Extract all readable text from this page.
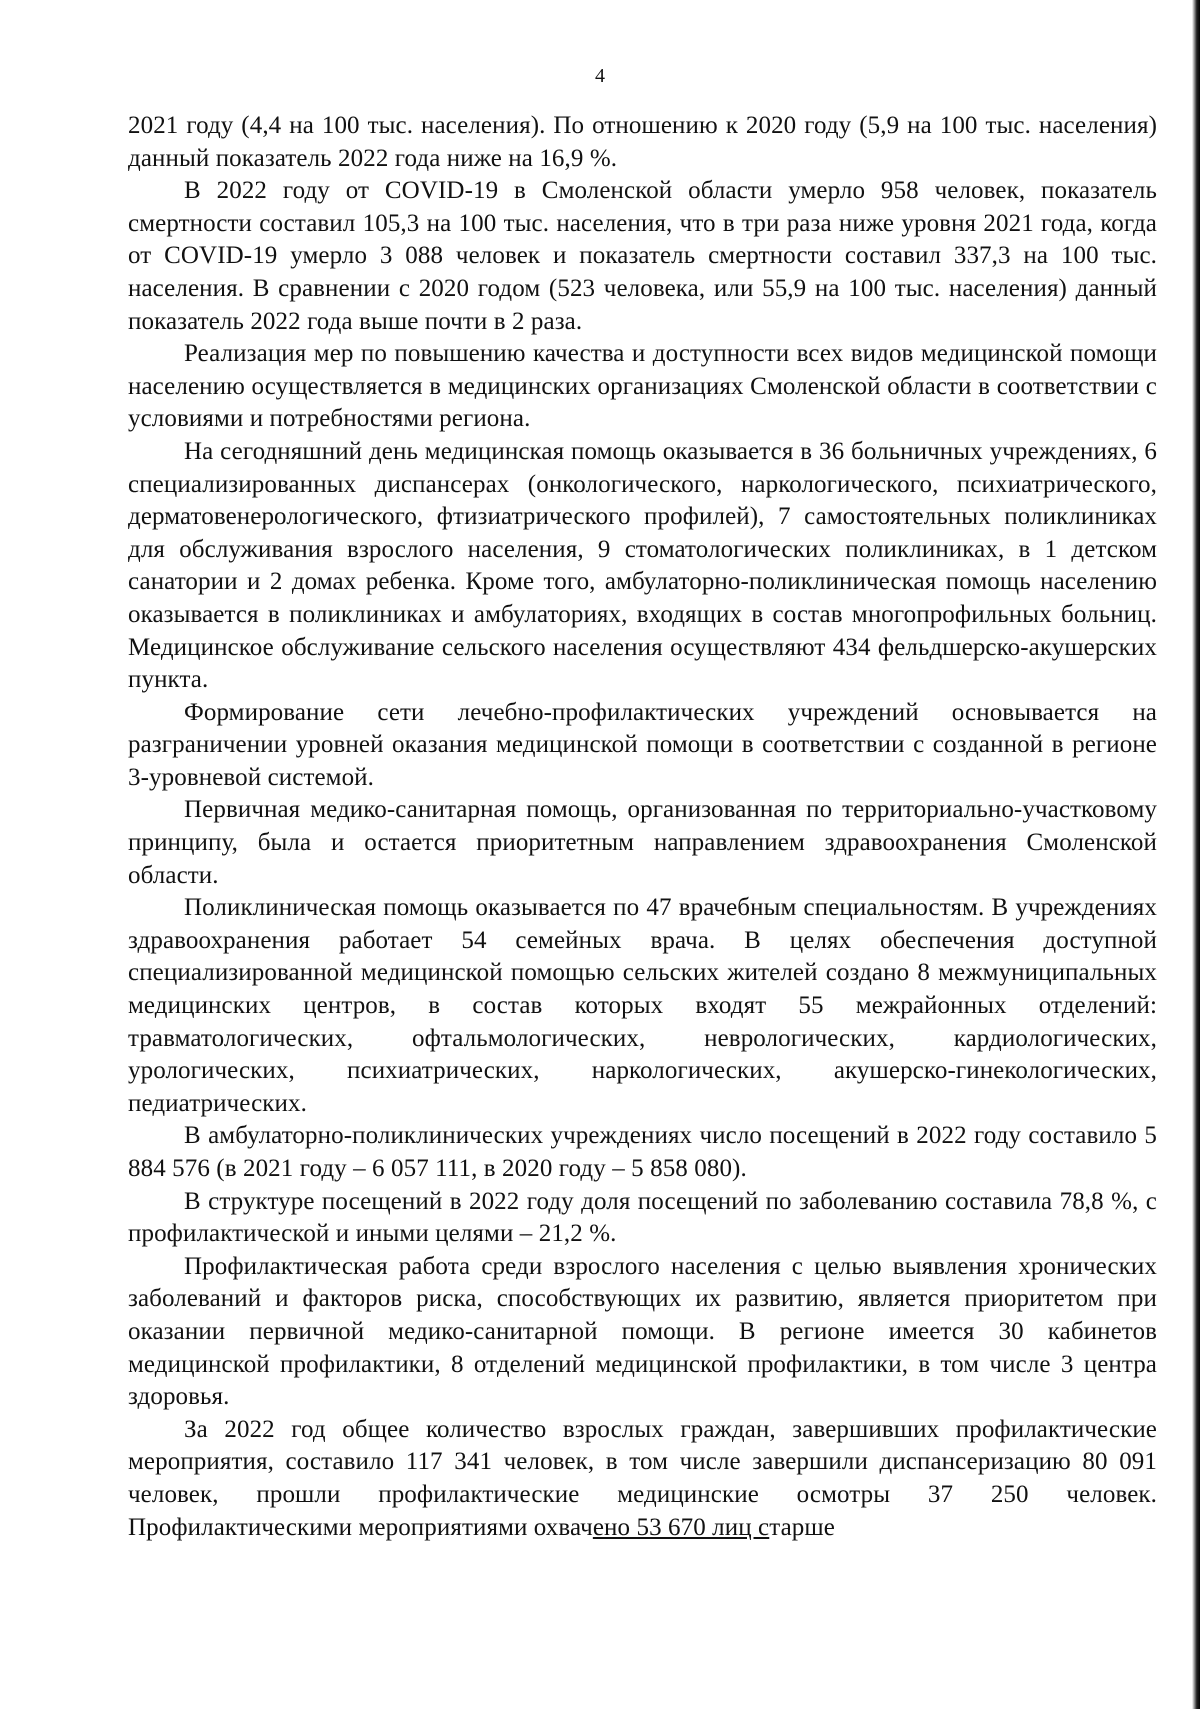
4

2021 году (4,4 на 100 тыс. населения). По отношению к 2020 году (5,9 на 100 тыс. населения) данный показатель 2022 года ниже на 16,9 %.

В 2022 году от COVID-19 в Смоленской области умерло 958 человек, показатель смертности составил 105,3 на 100 тыс. населения, что в три раза ниже уровня 2021 года, когда от COVID-19 умерло 3 088 человек и показатель смертности составил 337,3 на 100 тыс. населения. В сравнении с 2020 годом (523 человека, или 55,9 на 100 тыс. населения) данный показатель 2022 года выше почти в 2 раза.

Реализация мер по повышению качества и доступности всех видов медицинской помощи населению осуществляется в медицинских организациях Смоленской области в соответствии с условиями и потребностями региона.

На сегодняшний день медицинская помощь оказывается в 36 больничных учреждениях, 6 специализированных диспансерах (онкологического, наркологического, психиатрического, дерматовенерологического, фтизиатрического профилей), 7 самостоятельных поликлиниках для обслуживания взрослого населения, 9 стоматологических поликлиниках, в 1 детском санатории и 2 домах ребенка. Кроме того, амбулаторно-поликлиническая помощь населению оказывается в поликлиниках и амбулаториях, входящих в состав многопрофильных больниц. Медицинское обслуживание сельского населения осуществляют 434 фельдшерско-акушерских пункта.

Формирование сети лечебно-профилактических учреждений основывается на разграничении уровней оказания медицинской помощи в соответствии с созданной в регионе 3-уровневой системой.

Первичная медико-санитарная помощь, организованная по территориально-участковому принципу, была и остается приоритетным направлением здравоохранения Смоленской области.

Поликлиническая помощь оказывается по 47 врачебным специальностям. В учреждениях здравоохранения работает 54 семейных врача. В целях обеспечения доступной специализированной медицинской помощью сельских жителей создано 8 межмуниципальных медицинских центров, в состав которых входят 55 межрайонных отделений: травматологических, офтальмологических, неврологических, кардиологических, урологических, психиатрических, наркологических, акушерско-гинекологических, педиатрических.

В амбулаторно-поликлинических учреждениях число посещений в 2022 году составило 5 884 576 (в 2021 году – 6 057 111, в 2020 году – 5 858 080).

В структуре посещений в 2022 году доля посещений по заболеванию составила 78,8 %, с профилактической и иными целями – 21,2 %.

Профилактическая работа среди взрослого населения с целью выявления хронических заболеваний и факторов риска, способствующих их развитию, является приоритетом при оказании первичной медико-санитарной помощи. В регионе имеется 30 кабинетов медицинской профилактики, 8 отделений медицинской профилактики, в том числе 3 центра здоровья.

За 2022 год общее количество взрослых граждан, завершивших профилактические мероприятия, составило 117 341 человек, в том числе завершили диспансеризацию 80 091 человек, прошли профилактические медицинские осмотры 37 250 человек. Профилактическими мероприятиями охвачено 53 670 лиц старше
